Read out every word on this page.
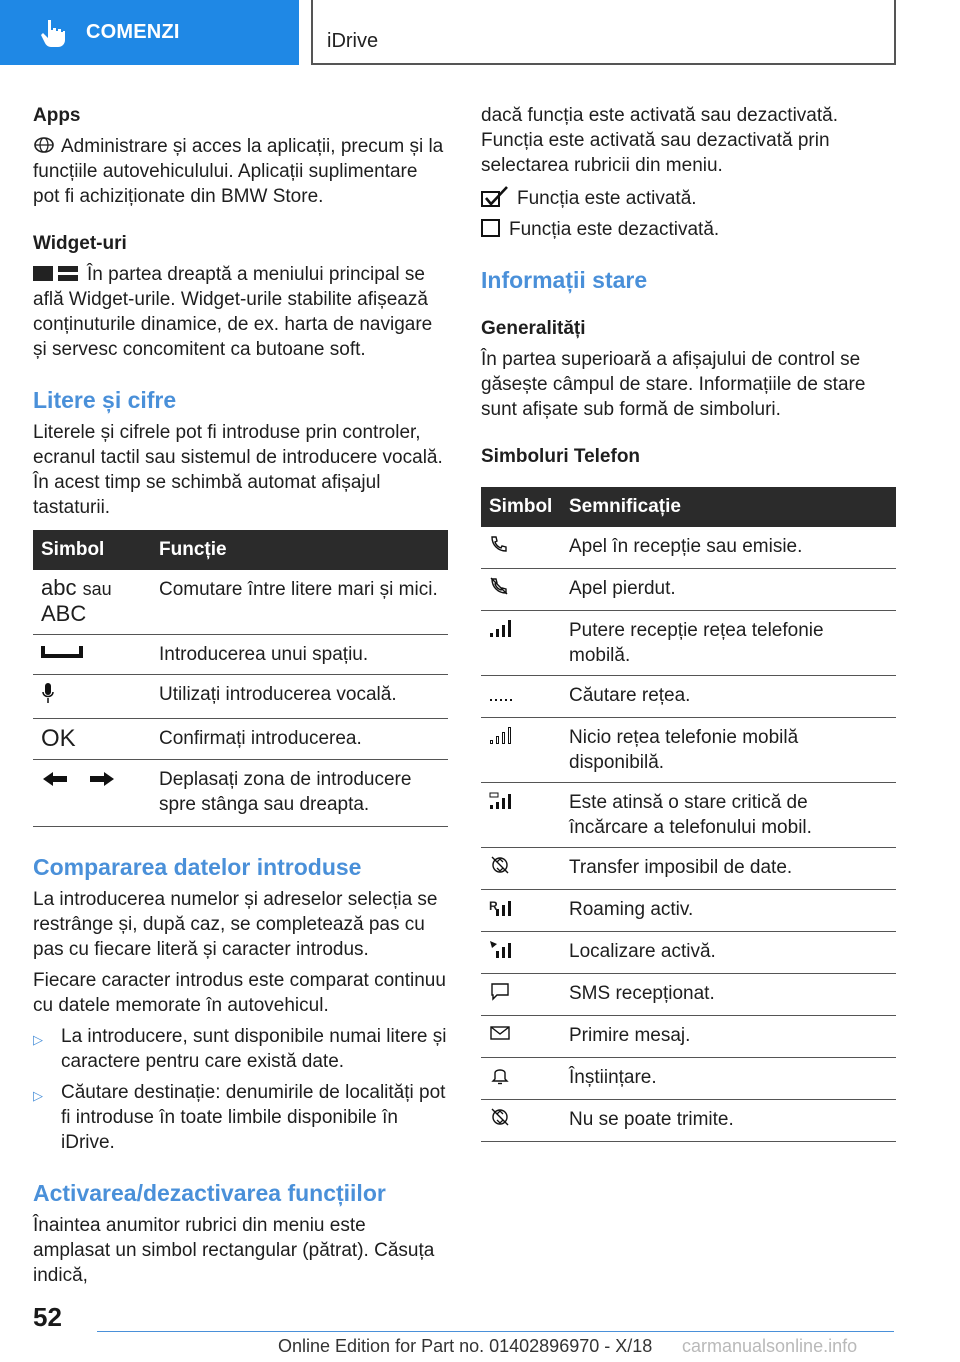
COMENZI	iDrive
Apps

Administrare și acces la aplicații, precum și la funcțiile autovehiculului. Aplicații suplimentare pot fi achiziționate din BMW Store.

Widget-uri

În partea dreaptă a meniului principal se află Widget-urile. Widget-urile stabilite afișează conținuturile dinamice, de ex. harta de navigare și servesc concomitent ca butoane soft.

Litere și cifre

Literele și cifrele pot fi introduse prin controler, ecranul tactil sau sistemul de introducere vocală. În acest timp se schimbă automat afișajul tastaturii.

Simbol	Funcție

abc sau
ABC	Comutare între litere mari și mici.
	Introducerea unui spațiu.
	Utilizați introducerea vocală.
OK	Confirmați introducerea.
	Deplasați zona de introducere spre stânga sau dreapta.
Compararea datelor introduse

La introducerea numelor și adreselor selecția se restrânge și, după caz, se completează pas cu pas cu fiecare literă și caracter introdus.

Fiecare caracter introdus este comparat continuu cu datele memorate în autovehicul.

▷ La introducere, sunt disponibile numai litere și caractere pentru care există date.
▷ Căutare destinație: denumirile de localități pot fi introduse în toate limbile disponibile în iDrive.
Activarea/dezactivarea funcțiilor

Înaintea anumitor rubrici din meniu este amplasat un simbol rectangular (pătrat). Căsuța indică,

dacă funcția este activată sau dezactivată. Funcția este activată sau dezactivată prin selectarea rubricii din meniu.

Funcția este activată.

Funcția este dezactivată.

Informații stare
Generalități

În partea superioară a afișajului de control se găsește câmpul de stare. Informațiile de stare sunt afișate sub formă de simboluri.

Simboluri Telefon
Simbol	Semnificație
	Apel în recepție sau emisie.
	Apel pierdut.
	Putere recepție rețea telefonie mobilă.
	Căutare rețea.
	Nicio rețea telefonie mobilă disponibilă.
	Este atinsă o stare critică de încărcare a telefonului mobil.
	Transfer imposibil de date.

R	Roaming activ.
	Localizare activă.
	SMS recepționat.
	Primire mesaj.
	Înștiințare.
	Nu se poate trimite.
52
Online Edition for Part no. 01402896970 - X/18 carmanualsonline.info
